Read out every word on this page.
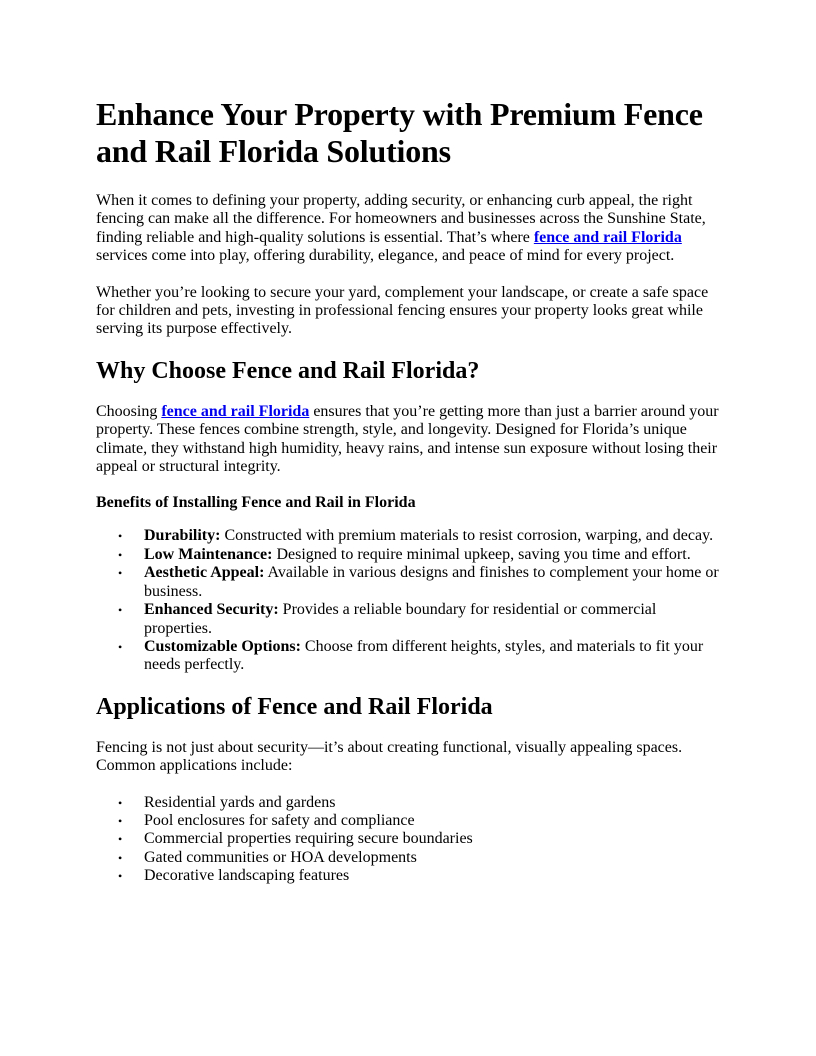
Enhance Your Property with Premium Fence and Rail Florida Solutions

When it comes to defining your property, adding security, or enhancing curb appeal, the right fencing can make all the difference. For homeowners and businesses across the Sunshine State, finding reliable and high-quality solutions is essential. That’s where fence and rail Florida services come into play, offering durability, elegance, and peace of mind for every project.

Whether you’re looking to secure your yard, complement your landscape, or create a safe space for children and pets, investing in professional fencing ensures your property looks great while serving its purpose effectively.

Why Choose Fence and Rail Florida?

Choosing fence and rail Florida ensures that you’re getting more than just a barrier around your property. These fences combine strength, style, and longevity. Designed for Florida’s unique climate, they withstand high humidity, heavy rains, and intense sun exposure without losing their appeal or structural integrity.

Benefits of Installing Fence and Rail in Florida
• Durability: Constructed with premium materials to resist corrosion, warping, and decay.
• Low Maintenance: Designed to require minimal upkeep, saving you time and effort.
• Aesthetic Appeal: Available in various designs and finishes to complement your home or business.
• Enhanced Security: Provides a reliable boundary for residential or commercial properties.
• Customizable Options: Choose from different heights, styles, and materials to fit your needs perfectly.
Applications of Fence and Rail Florida

Fencing is not just about security—it’s about creating functional, visually appealing spaces. Common applications include:

• Residential yards and gardens
• Pool enclosures for safety and compliance
• Commercial properties requiring secure boundaries
• Gated communities or HOA developments
• Decorative landscaping features
